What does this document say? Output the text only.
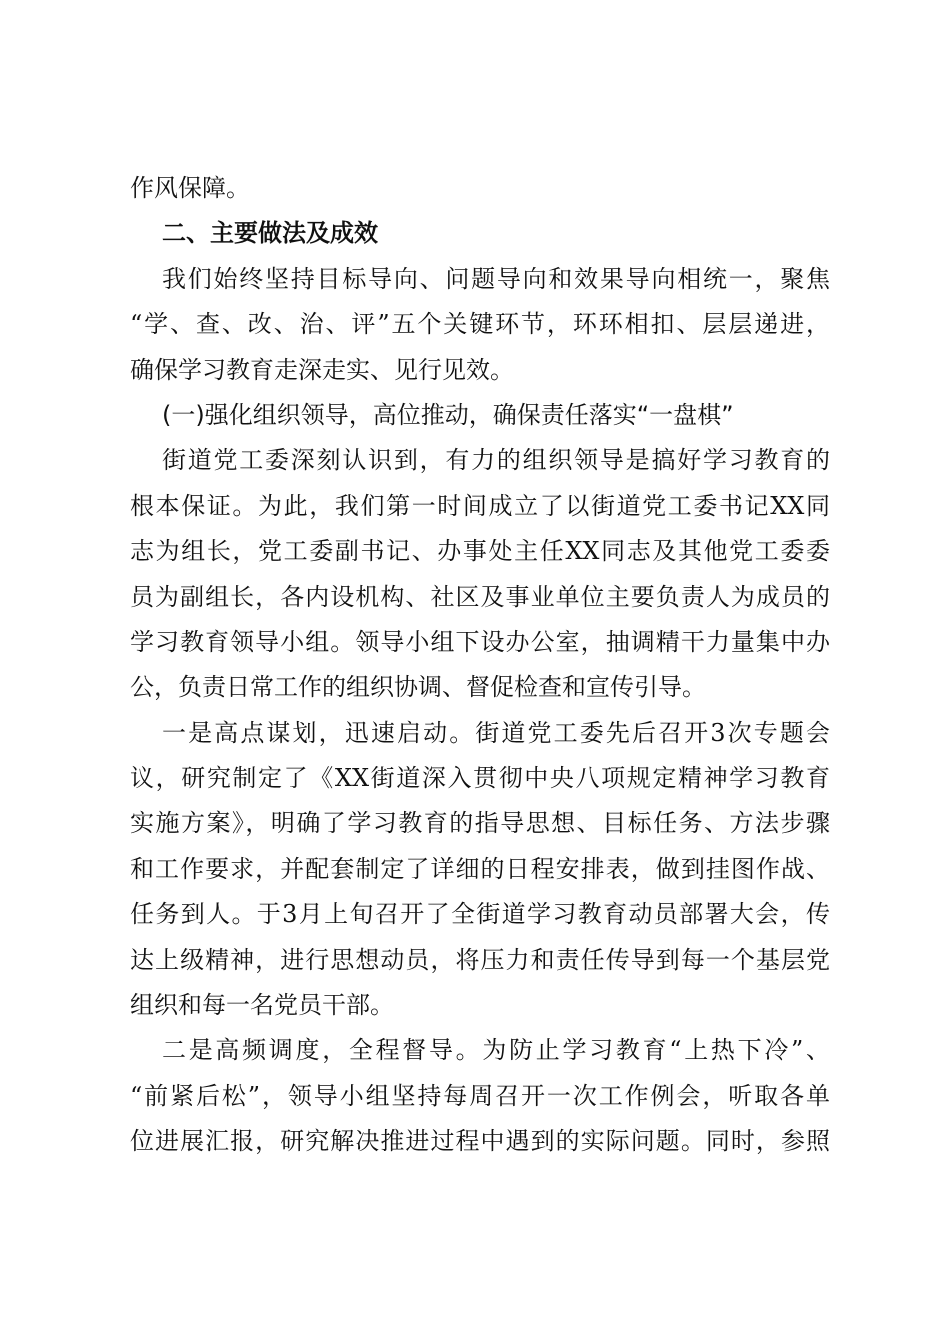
作风保障。
二、主要做法及成效
我们始终坚持目标导向、问题导向和效果导向相统一，聚焦
“学、查、改、治、评”五个关键环节，环环相扣、层层递进，
确保学习教育走深走实、见行见效。
(一)强化组织领导，高位推动，确保责任落实“一盘棋”
街道党工委深刻认识到，有力的组织领导是搞好学习教育的
根本保证。为此，我们第一时间成立了以街道党工委书记XX同
志为组长，党工委副书记、办事处主任XX同志及其他党工委委
员为副组长，各内设机构、社区及事业单位主要负责人为成员的
学习教育领导小组。领导小组下设办公室，抽调精干力量集中办
公，负责日常工作的组织协调、督促检查和宣传引导。
一是高点谋划，迅速启动。街道党工委先后召开3次专题会
议，研究制定了《XX街道深入贯彻中央八项规定精神学习教育
实施方案》，明确了学习教育的指导思想、目标任务、方法步骤
和工作要求，并配套制定了详细的日程安排表，做到挂图作战、
任务到人。于3月上旬召开了全街道学习教育动员部署大会，传
达上级精神，进行思想动员，将压力和责任传导到每一个基层党
组织和每一名党员干部。
二是高频调度，全程督导。为防止学习教育“上热下冷”、
“前紧后松”，领导小组坚持每周召开一次工作例会，听取各单
位进展汇报，研究解决推进过程中遇到的实际问题。同时，参照
